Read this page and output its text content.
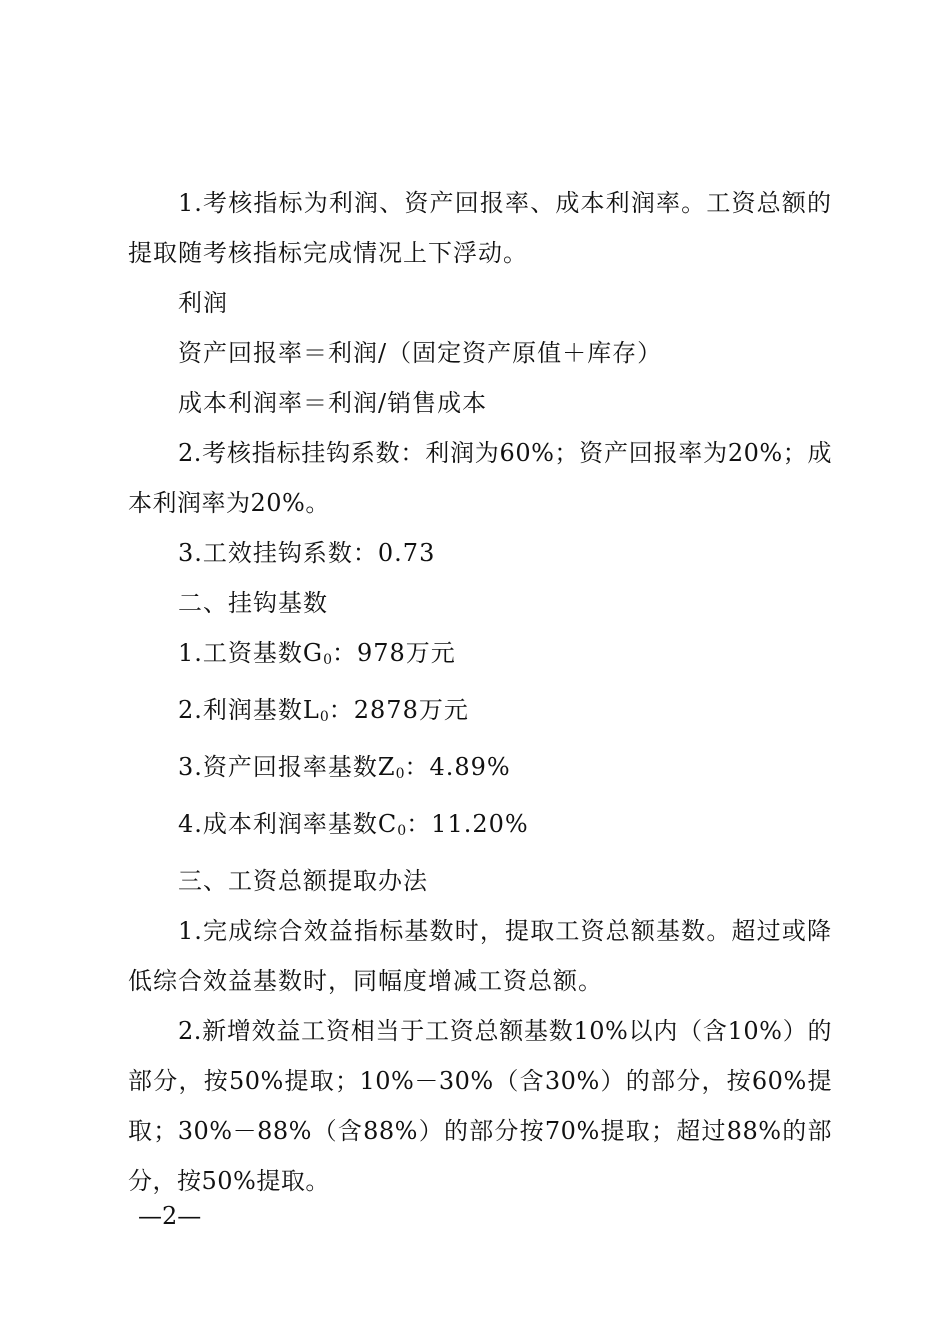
1.考核指标为利润、资产回报率、成本利润率。工资总额的提取随考核指标完成情况上下浮动。

利润

资产回报率＝利润/（固定资产原值＋库存）

成本利润率＝利润/销售成本

2.考核指标挂钩系数：利润为60%；资产回报率为20%；成本利润率为20%。

3.工效挂钩系数：0.73

二、挂钩基数

1.工资基数$G_0$：978万元

2.利润基数$L_0$：2878万元

3.资产回报率基数$Z_0$：4.89%

4.成本利润率基数$C_0$：11.20%

三、工资总额提取办法

1.完成综合效益指标基数时，提取工资总额基数。超过或降低综合效益基数时，同幅度增减工资总额。

2.新增效益工资相当于工资总额基数10%以内（含10%）的部分，按50%提取；10%－30%（含30%）的部分，按60%提取；30%－88%（含88%）的部分按70%提取；超过88%的部分，按50%提取。

—2—
